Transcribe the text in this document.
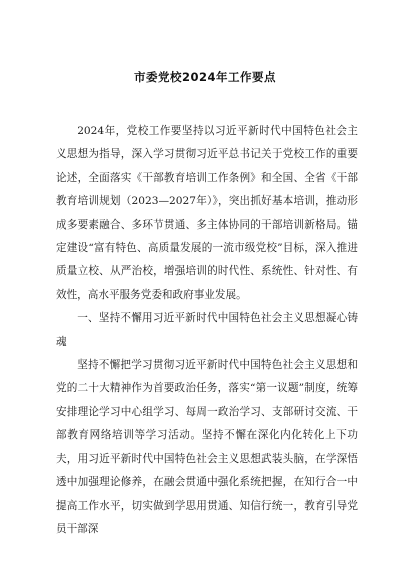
市委党校2024年工作要点

2024年，党校工作要坚持以习近平新时代中国特色社会主义思想为指导，深入学习贯彻习近平总书记关于党校工作的重要论述，全面落实《干部教育培训工作条例》和全国、全省《干部教育培训规划（2023—2027年）》，突出抓好基本培训，推动形成多要素融合、多环节贯通、多主体协同的干部培训新格局。锚定建设“富有特色、高质量发展的一流市级党校”目标，深入推进质量立校、从严治校，增强培训的时代性、系统性、针对性、有效性，高水平服务党委和政府事业发展。

一、坚持不懈用习近平新时代中国特色社会主义思想凝心铸魂

坚持不懈把学习贯彻习近平新时代中国特色社会主义思想和党的二十大精神作为首要政治任务，落实“第一议题”制度，统筹安排理论学习中心组学习、每周一政治学习、支部研讨交流、干部教育网络培训等学习活动。坚持不懈在深化内化转化上下功夫，用习近平新时代中国特色社会主义思想武装头脑，在学深悟透中加强理论修养，在融会贯通中强化系统把握，在知行合一中提高工作水平，切实做到学思用贯通、知信行统一，教育引导党员干部深
